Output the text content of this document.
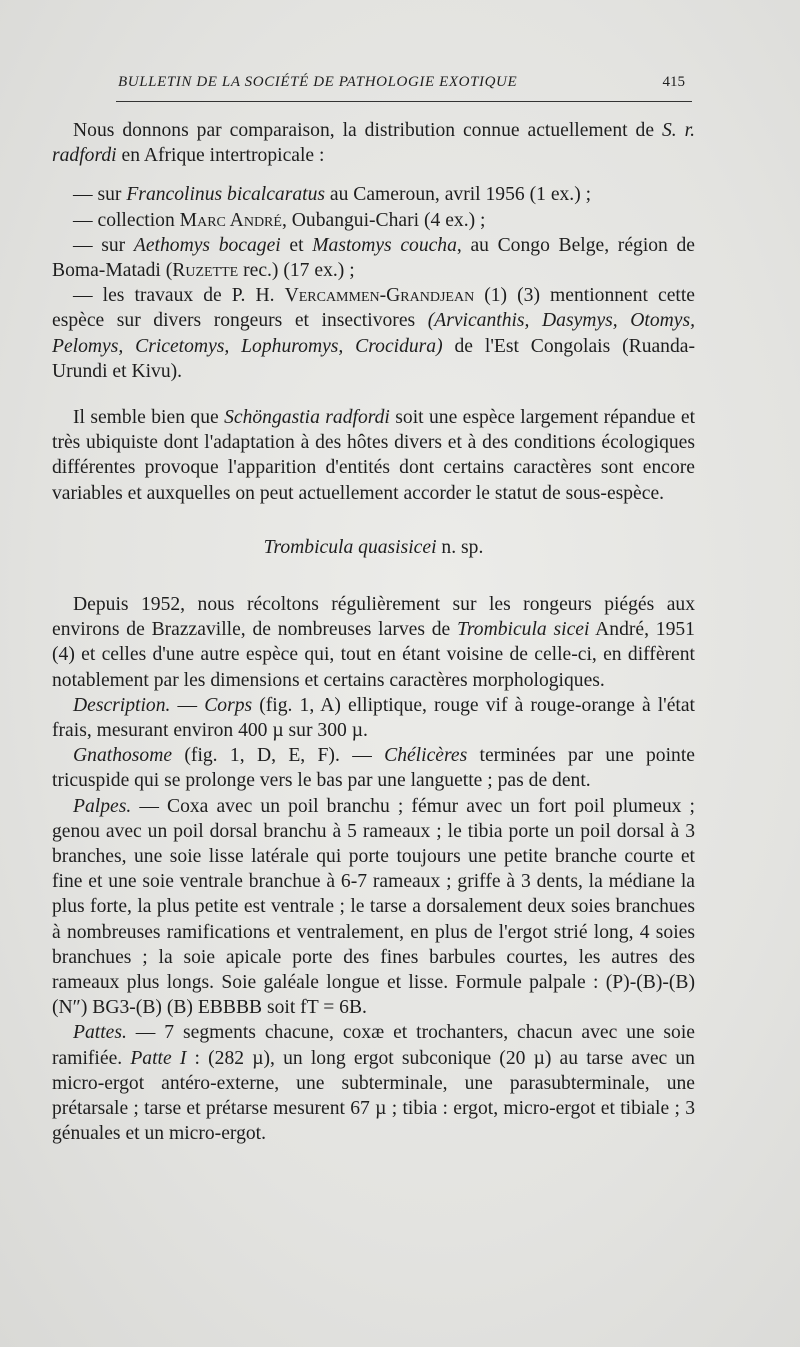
BULLETIN DE LA SOCIÉTÉ DE PATHOLOGIE EXOTIQUE	415

Nous donnons par comparaison, la distribution connue actuellement de S. r. radfordi en Afrique intertropicale :

— sur Francolinus bicalcaratus au Cameroun, avril 1956 (1 ex.) ;

— collection Marc André, Oubangui-Chari (4 ex.) ;

— sur Aethomys bocagei et Mastomys coucha, au Congo Belge, région de Boma-Matadi (Ruzette rec.) (17 ex.) ;

— les travaux de P. H. Vercammen-Grandjean (1) (3) mentionnent cette espèce sur divers rongeurs et insectivores (Arvicanthis, Dasymys, Otomys, Pelomys, Cricetomys, Lophuromys, Crocidura) de l'Est Congolais (Ruanda-Urundi et Kivu).

Il semble bien que Schöngastia radfordi soit une espèce largement répandue et très ubiquiste dont l'adaptation à des hôtes divers et à des conditions écologiques différentes provoque l'apparition d'entités dont certains caractères sont encore variables et auxquelles on peut actuellement accorder le statut de sous-espèce.

Trombicula quasisicei n. sp.

Depuis 1952, nous récoltons régulièrement sur les rongeurs piégés aux environs de Brazzaville, de nombreuses larves de Trombicula sicei André, 1951 (4) et celles d'une autre espèce qui, tout en étant voisine de celle-ci, en diffèrent notablement par les dimensions et certains caractères morphologiques.

Description. — Corps (fig. 1, A) elliptique, rouge vif à rouge-orange à l'état frais, mesurant environ 400 µ sur 300 µ.

Gnathosome (fig. 1, D, E, F). — Chélicères terminées par une pointe tricuspide qui se prolonge vers le bas par une languette ; pas de dent.

Palpes. — Coxa avec un poil branchu ; fémur avec un fort poil plumeux ; genou avec un poil dorsal branchu à 5 rameaux ; le tibia porte un poil dorsal à 3 branches, une soie lisse latérale qui porte toujours une petite branche courte et fine et une soie ventrale branchue à 6-7 rameaux ; griffe à 3 dents, la médiane la plus forte, la plus petite est ventrale ; le tarse a dorsalement deux soies branchues à nombreuses ramifications et ventralement, en plus de l'ergot strié long, 4 soies branchues ; la soie apicale porte des fines barbules courtes, les autres des rameaux plus longs. Soie galéale longue et lisse. Formule palpale : (P)-(B)-(B) (N″) BG3-(B) (B) EBBBB soit fT = 6B.

Pattes. — 7 segments chacune, coxæ et trochanters, chacun avec une soie ramifiée. Patte I : (282 µ), un long ergot subconique (20 µ) au tarse avec un micro-ergot antéro-externe, une subterminale, une parasubterminale, une prétarsale ; tarse et prétarse mesurent 67 µ ; tibia : ergot, micro-ergot et tibiale ; 3 génuales et un micro-ergot.
